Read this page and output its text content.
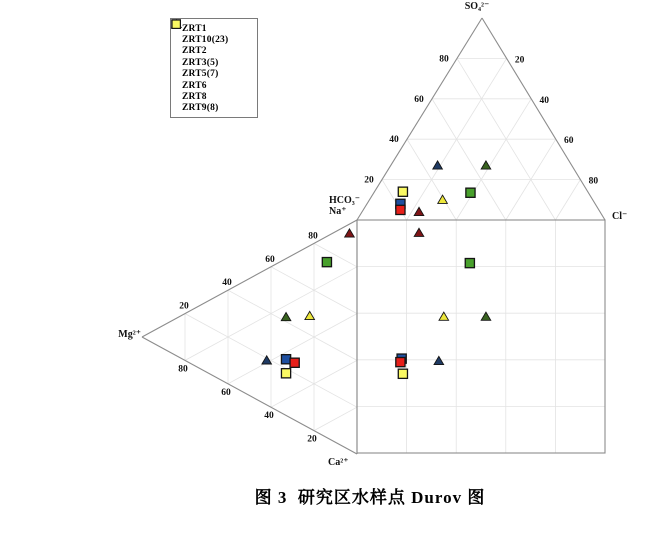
20
20
20
20
40
40
40
40
60
60
60
60
80
80
80
80
SO₄²⁻
HCO₃⁻
Na⁺	Cl⁻
Mg²⁺
Ca²⁺
ZRT1
ZRT10(23)
ZRT2
ZRT3(5)
ZRT5(7)
ZRT6
ZRT8
ZRT9(8)
图 3  研究区水样点 Durov 图
